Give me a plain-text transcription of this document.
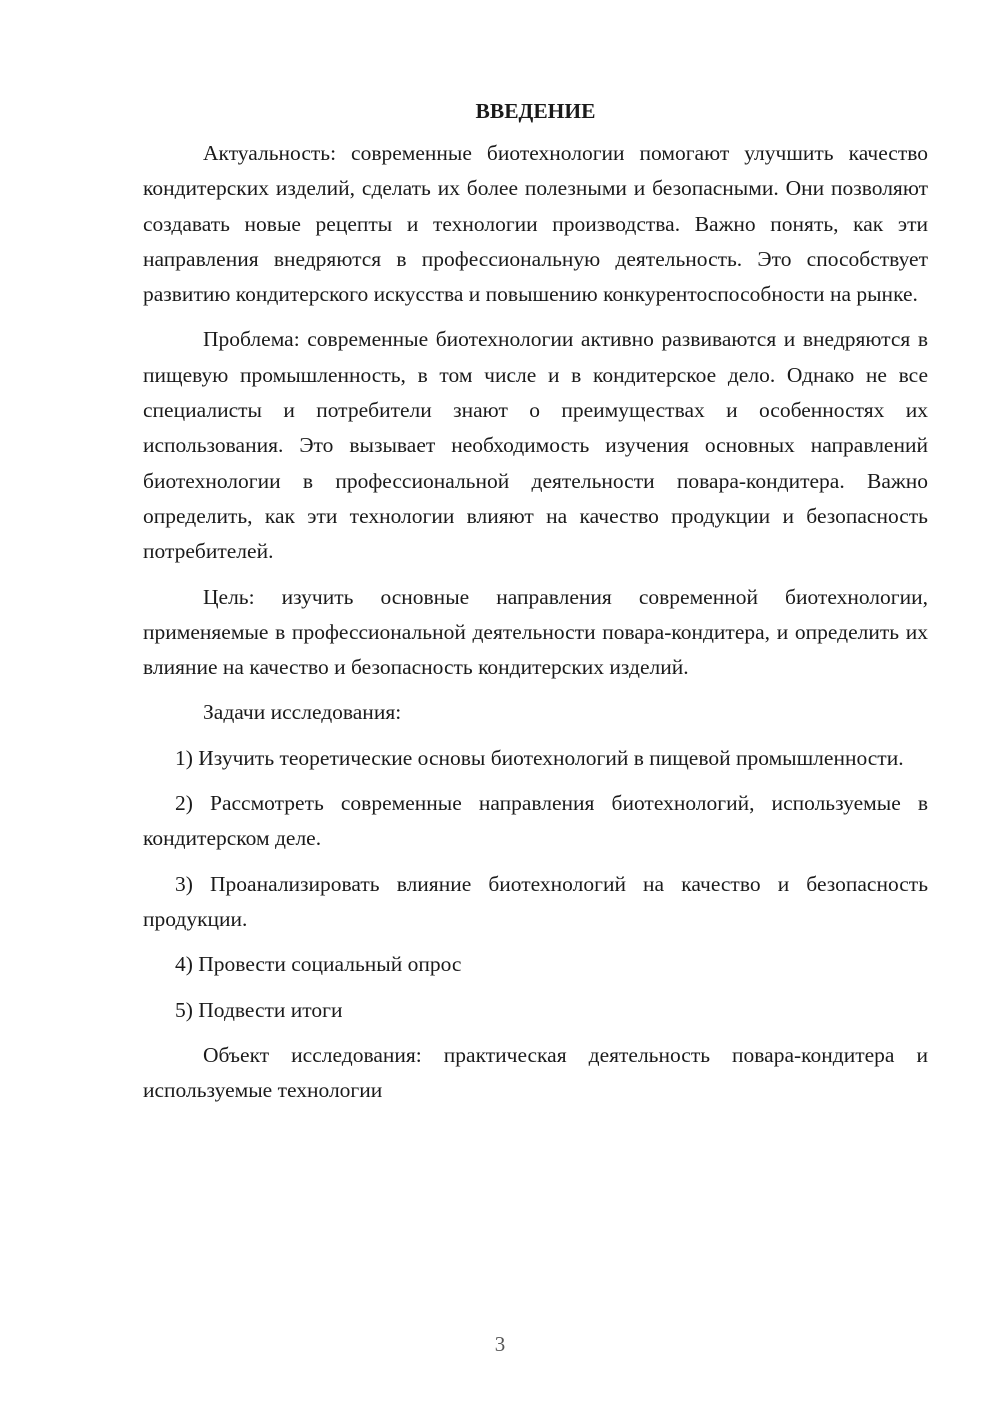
ВВЕДЕНИЕ

Актуальность: современные биотехнологии помогают улучшить качество кондитерских изделий, сделать их более полезными и безопасными. Они позволяют создавать новые рецепты и технологии производства. Важно понять, как эти направления внедряются в профессиональную деятельность. Это способствует развитию кондитерского искусства и повышению конкурентоспособности на рынке.

Проблема: современные биотехнологии активно развиваются и внедряются в пищевую промышленность, в том числе и в кондитерское дело. Однако не все специалисты и потребители знают о преимуществах и особенностях их использования. Это вызывает необходимость изучения основных направлений биотехнологии в профессиональной деятельности повара-кондитера. Важно определить, как эти технологии влияют на качество продукции и безопасность потребителей.

Цель: изучить основные направления современной биотехнологии, применяемые в профессиональной деятельности повара-кондитера, и определить их влияние на качество и безопасность кондитерских изделий.

Задачи исследования:

1) Изучить теоретические основы биотехнологий в пищевой промышленности.

2) Рассмотреть современные направления биотехнологий, используемые в кондитерском деле.

3) Проанализировать влияние биотехнологий на качество и безопасность продукции.

4) Провести социальный опрос

5) Подвести итоги

Объект исследования: практическая деятельность повара-кондитера и используемые технологии

3
